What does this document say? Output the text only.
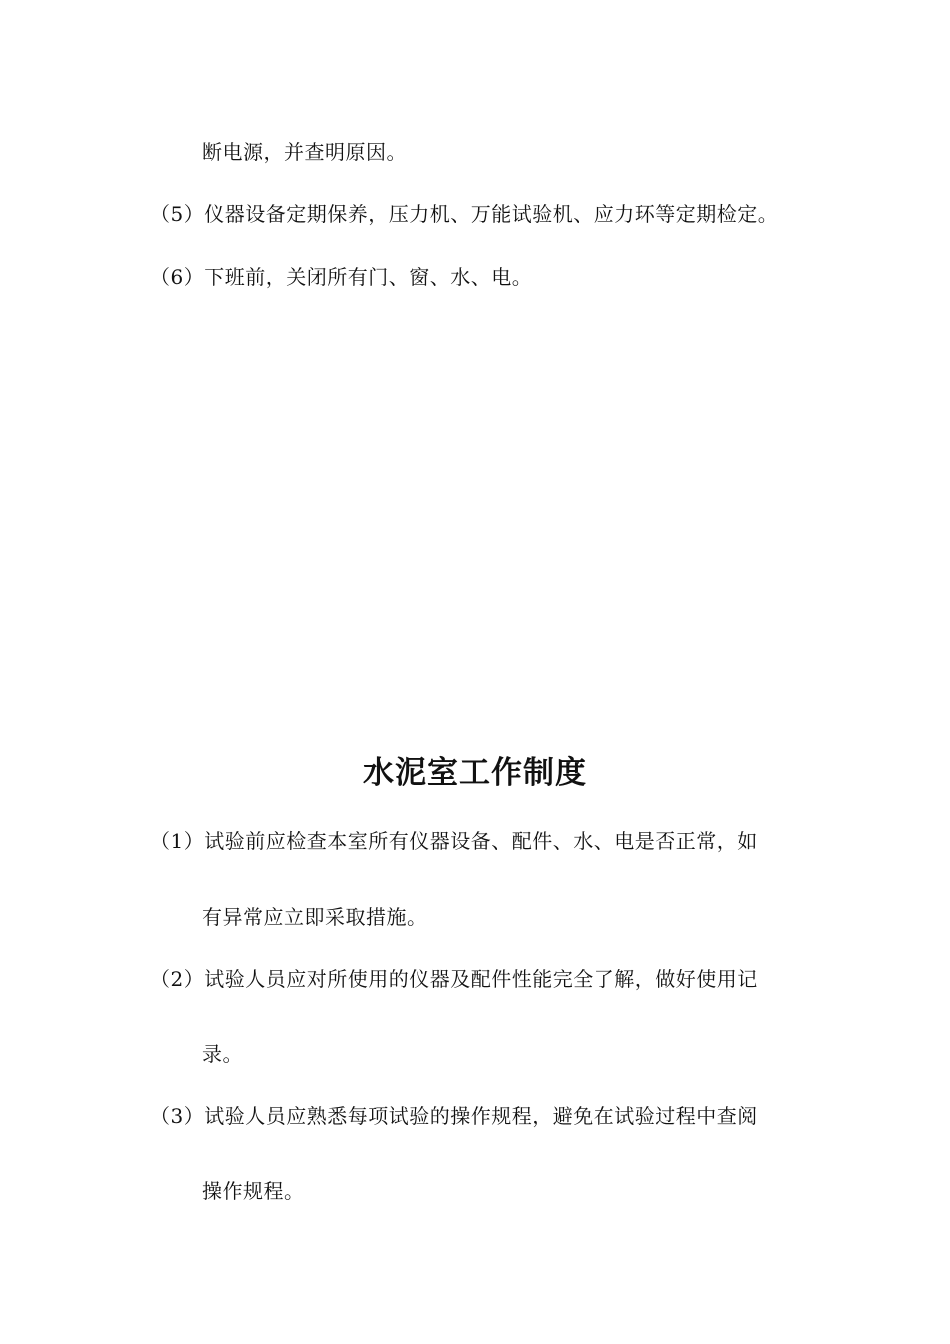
断电源，并查明原因。
（5）仪器设备定期保养，压力机、万能试验机、应力环等定期检定。
（6）下班前，关闭所有门、窗、水、电。
水泥室工作制度
（1）试验前应检查本室所有仪器设备、配件、水、电是否正常，如
有异常应立即采取措施。
（2）试验人员应对所使用的仪器及配件性能完全了解，做好使用记
录。
（3）试验人员应熟悉每项试验的操作规程，避免在试验过程中查阅
操作规程。
